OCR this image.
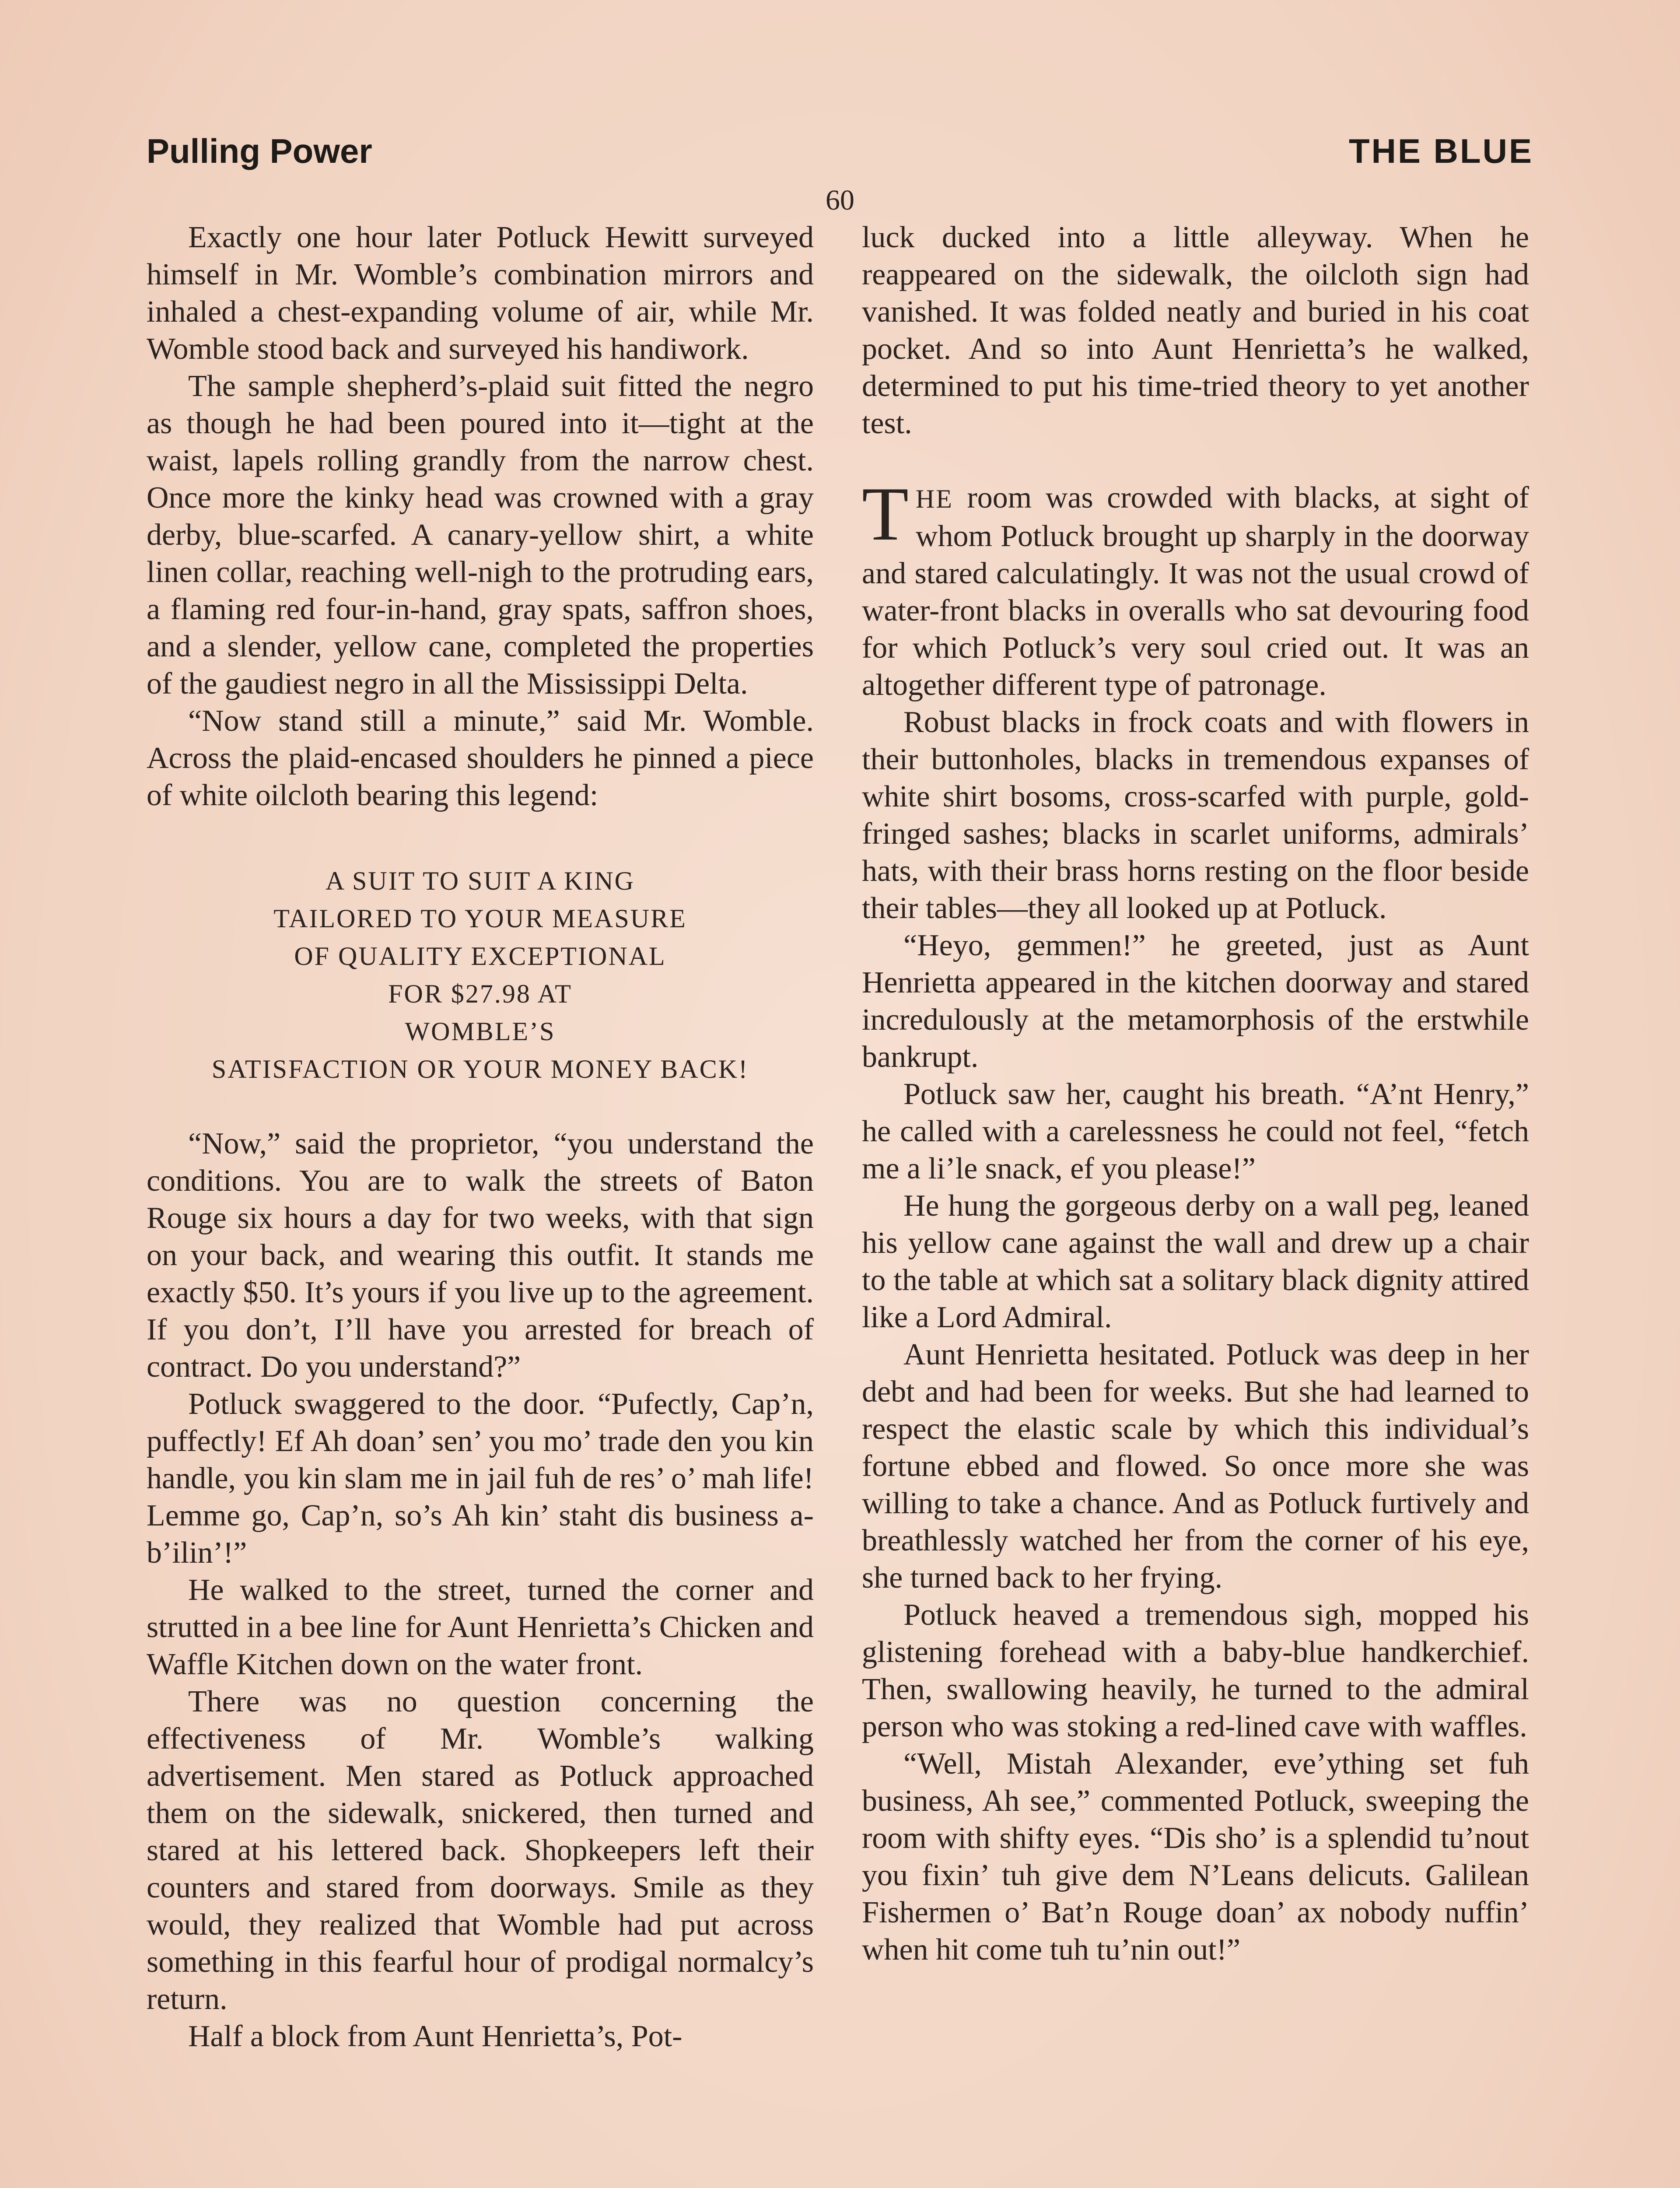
Pulling Power	THE BLUE
60

Exactly one hour later Potluck Hewitt surveyed himself in Mr. Womble’s combination mirrors and inhaled a chest-expanding volume of air, while Mr. Womble stood back and surveyed his handiwork.

The sample shepherd’s-plaid suit fitted the negro as though he had been poured into it—tight at the waist, lapels rolling grandly from the narrow chest. Once more the kinky head was crowned with a gray derby, blue-scarfed. A canary-yellow shirt, a white linen collar, reaching well-nigh to the protruding ears, a flaming red four-in-hand, gray spats, saffron shoes, and a slender, yellow cane, completed the properties of the gaudiest negro in all the Mississippi Delta.

“Now stand still a minute,” said Mr. Womble. Across the plaid-encased shoulders he pinned a piece of white oilcloth bearing this legend:

A SUIT TO SUIT A KING
TAILORED TO YOUR MEASURE
OF QUALITY EXCEPTIONAL
FOR $27.98 AT
WOMBLE’S
SATISFACTION OR YOUR MONEY BACK!

“Now,” said the proprietor, “you understand the conditions. You are to walk the streets of Baton Rouge six hours a day for two weeks, with that sign on your back, and wearing this outfit. It stands me exactly $50. It’s yours if you live up to the agreement. If you don’t, I’ll have you arrested for breach of contract. Do you understand?”

Potluck swaggered to the door. “Pufectly, Cap’n, puffectly! Ef Ah doan’ sen’ you mo’ trade den you kin handle, you kin slam me in jail fuh de res’ o’ mah life! Lemme go, Cap’n, so’s Ah kin’ staht dis business a-b’ilin’!”

He walked to the street, turned the corner and strutted in a bee line for Aunt Henrietta’s Chicken and Waffle Kitchen down on the water front.

There was no question concerning the effectiveness of Mr. Womble’s walking advertisement. Men stared as Potluck approached them on the sidewalk, snickered, then turned and stared at his lettered back. Shopkeepers left their counters and stared from doorways. Smile as they would, they realized that Womble had put across something in this fearful hour of prodigal normalcy’s return.

Half a block from Aunt Henrietta’s, Pot-

luck ducked into a little alleyway. When he reappeared on the sidewalk, the oilcloth sign had vanished. It was folded neatly and buried in his coat pocket. And so into Aunt Henrietta’s he walked, determined to put his time-tried theory to yet another test.

THE room was crowded with blacks, at sight of whom Potluck brought up sharply in the doorway and stared calculatingly. It was not the usual crowd of water-front blacks in overalls who sat devouring food for which Potluck’s very soul cried out. It was an altogether different type of patronage.

Robust blacks in frock coats and with flowers in their buttonholes, blacks in tremendous expanses of white shirt bosoms, cross-scarfed with purple, gold-fringed sashes; blacks in scarlet uniforms, admirals’ hats, with their brass horns resting on the floor beside their tables—they all looked up at Potluck.

“Heyo, gemmen!” he greeted, just as Aunt Henrietta appeared in the kitchen doorway and stared incredulously at the metamorphosis of the erstwhile bankrupt.

Potluck saw her, caught his breath. “A’nt Henry,” he called with a carelessness he could not feel, “fetch me a li’le snack, ef you please!”

He hung the gorgeous derby on a wall peg, leaned his yellow cane against the wall and drew up a chair to the table at which sat a solitary black dignity attired like a Lord Admiral.

Aunt Henrietta hesitated. Potluck was deep in her debt and had been for weeks. But she had learned to respect the elastic scale by which this individual’s fortune ebbed and flowed. So once more she was willing to take a chance. And as Potluck furtively and breathlessly watched her from the corner of his eye, she turned back to her frying.

Potluck heaved a tremendous sigh, mopped his glistening forehead with a baby-blue handkerchief. Then, swallowing heavily, he turned to the admiral person who was stoking a red-lined cave with waffles.

“Well, Mistah Alexander, eve’ything set fuh business, Ah see,” commented Potluck, sweeping the room with shifty eyes. “Dis sho’ is a splendid tu’nout you fixin’ tuh give dem N’Leans delicuts. Galilean Fishermen o’ Bat’n Rouge doan’ ax nobody nuffin’ when hit come tuh tu’nin out!”
